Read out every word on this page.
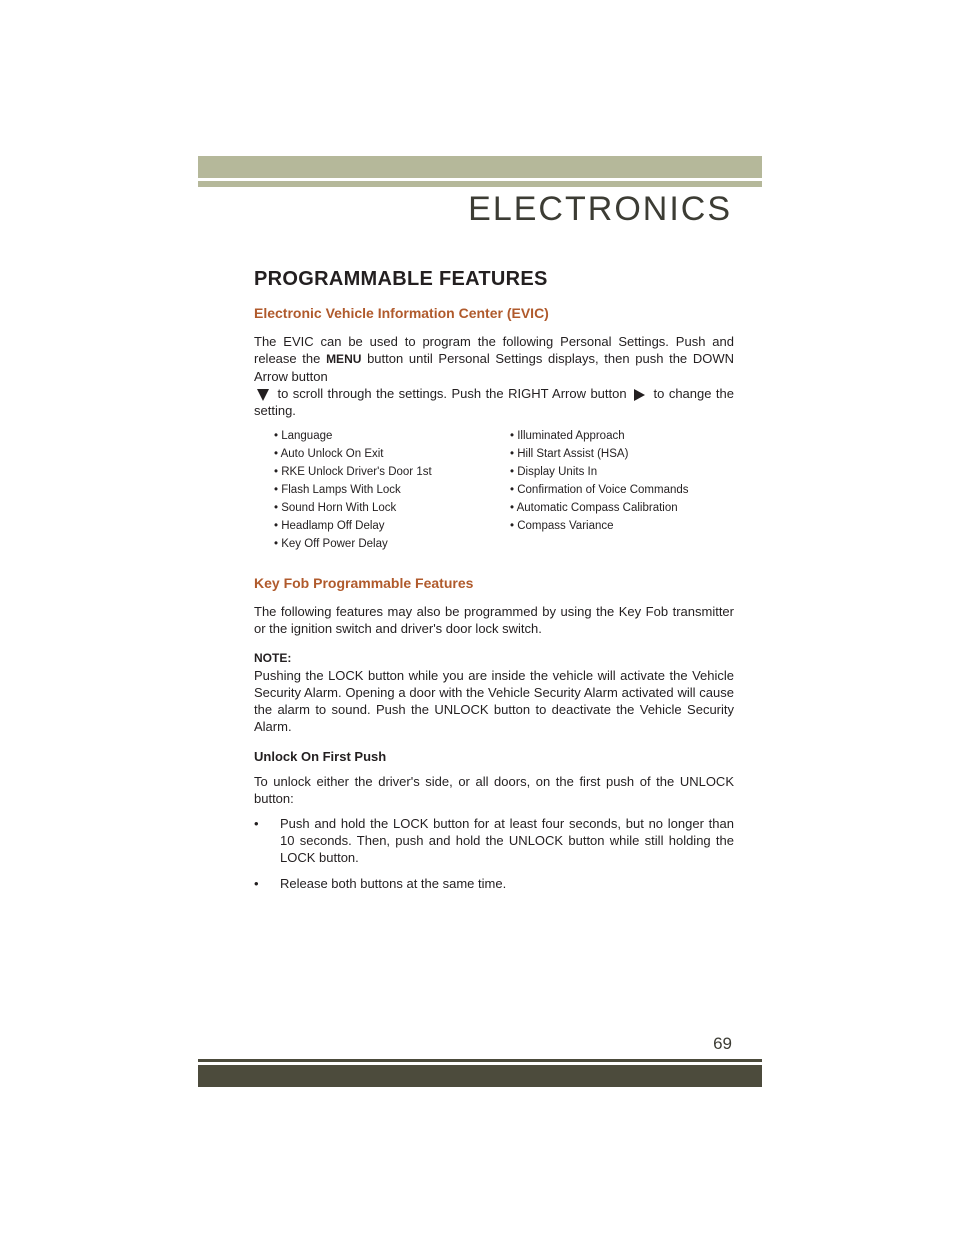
ELECTRONICS
PROGRAMMABLE FEATURES
Electronic Vehicle Information Center (EVIC)

The EVIC can be used to program the following Personal Settings. Push and release the MENU button until Personal Settings displays, then push the DOWN Arrow button
to scroll through the settings. Push the RIGHT Arrow button to change the setting.

• Language
• Auto Unlock On Exit
• RKE Unlock Driver's Door 1st
• Flash Lamps With Lock
• Sound Horn With Lock
• Headlamp Off Delay
• Key Off Power Delay
• Illuminated Approach
• Hill Start Assist (HSA)
• Display Units In
• Confirmation of Voice Commands
• Automatic Compass Calibration
• Compass Variance
Key Fob Programmable Features

The following features may also be programmed by using the Key Fob transmitter or the ignition switch and driver's door lock switch.

NOTE:

Pushing the LOCK button while you are inside the vehicle will activate the Vehicle Security Alarm. Opening a door with the Vehicle Security Alarm activated will cause the alarm to sound. Push the UNLOCK button to deactivate the Vehicle Security Alarm.

Unlock On First Push

To unlock either the driver's side, or all doors, on the first push of the UNLOCK button:

• Push and hold the LOCK button for at least four seconds, but no longer than 10 seconds. Then, push and hold the UNLOCK button while still holding the LOCK button.
• Release both buttons at the same time.
69
